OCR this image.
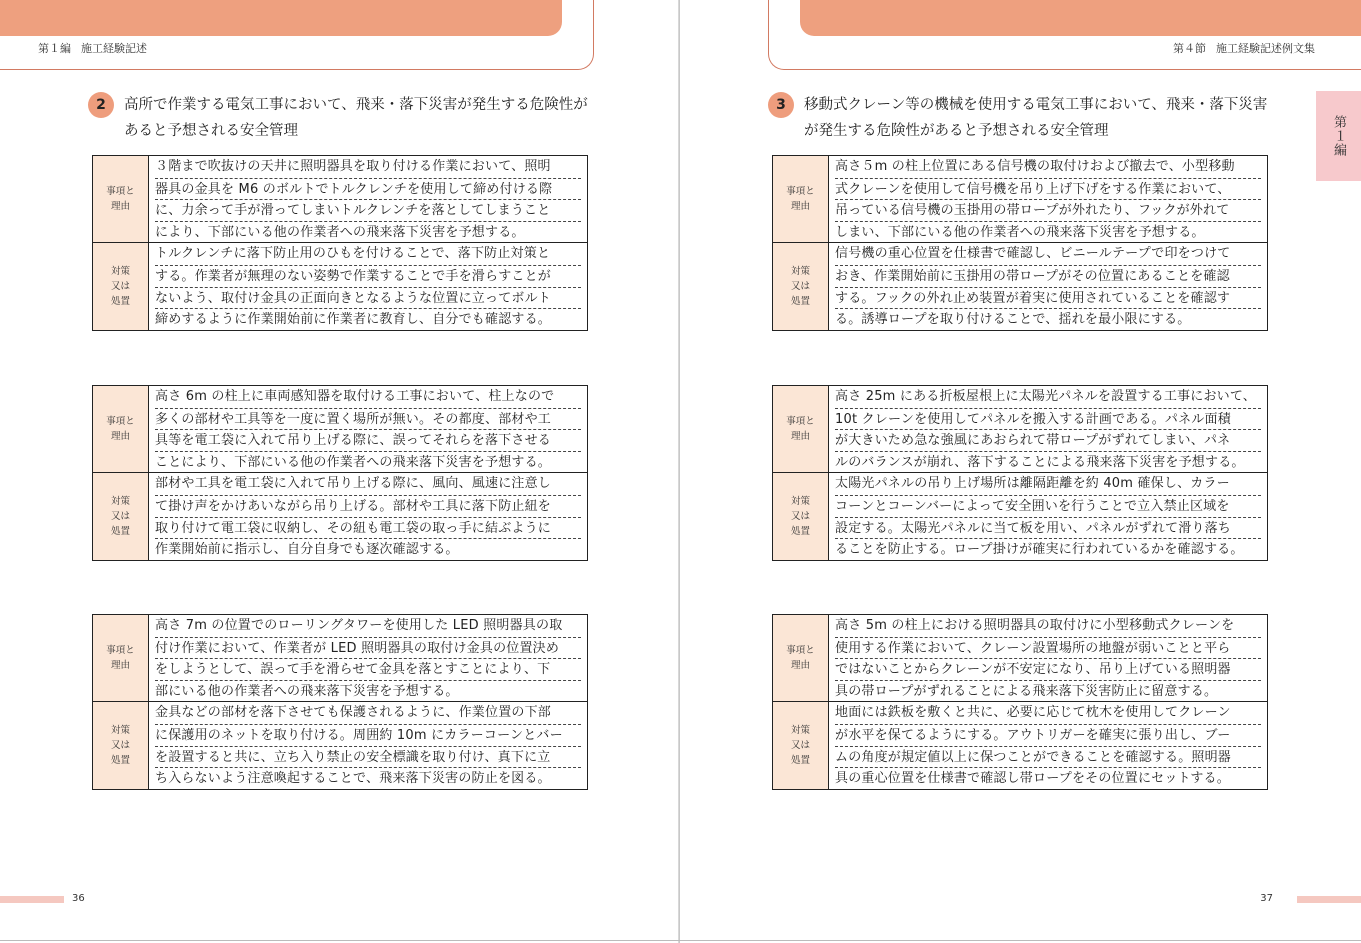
第１編 施工経験記述
2	高所で作業する電気工事において、飛来・落下災害が発生する危険性が
あると予想される安全管理
事項と
理由
３階まで吹抜けの天井に照明器具を取り付ける作業において、照明
器具の金具を M6 のボルトでトルクレンチを使用して締め付ける際
に、力余って手が滑ってしまいトルクレンチを落としてしまうこと
により、下部にいる他の作業者への飛来落下災害を予想する。
対策
又は
処置
トルクレンチに落下防止用のひもを付けることで、落下防止対策と
する。作業者が無理のない姿勢で作業することで手を滑らすことが
ないよう、取付け金具の正面向きとなるような位置に立ってボルト
締めするように作業開始前に作業者に教育し、自分でも確認する。
事項と
理由
高さ 6m の柱上に車両感知器を取付ける工事において、柱上なので
多くの部材や工具等を一度に置く場所が無い。その都度、部材や工
具等を電工袋に入れて吊り上げる際に、誤ってそれらを落下させる
ことにより、下部にいる他の作業者への飛来落下災害を予想する。
対策
又は
処置
部材や工具を電工袋に入れて吊り上げる際に、風向、風速に注意し
て掛け声をかけあいながら吊り上げる。部材や工具に落下防止紐を
取り付けて電工袋に収納し、その紐も電工袋の取っ手に結ぶように
作業開始前に指示し、自分自身でも逐次確認する。
事項と
理由
高さ 7m の位置でのローリングタワーを使用した LED 照明器具の取
付け作業において、作業者が LED 照明器具の取付け金具の位置決め
をしようとして、誤って手を滑らせて金具を落とすことにより、下
部にいる他の作業者への飛来落下災害を予想する。
対策
又は
処置
金具などの部材を落下させても保護されるように、作業位置の下部
に保護用のネットを取り付ける。周囲約 10m にカラーコーンとバー
を設置すると共に、立ち入り禁止の安全標識を取り付け、真下に立
ち入らないよう注意喚起することで、飛来落下災害の防止を図る。
36
第４節 施工経験記述例文集
第１編
3	移動式クレーン等の機械を使用する電気工事において、飛来・落下災害
が発生する危険性があると予想される安全管理
事項と
理由
高さ５m の柱上位置にある信号機の取付けおよび撤去で、小型移動
式クレーンを使用して信号機を吊り上げ下げをする作業において、
吊っている信号機の玉掛用の帯ロープが外れたり、フックが外れて
しまい、下部にいる他の作業者への飛来落下災害を予想する。
対策
又は
処置
信号機の重心位置を仕様書で確認し、ビニールテープで印をつけて
おき、作業開始前に玉掛用の帯ロープがその位置にあることを確認
する。フックの外れ止め装置が着実に使用されていることを確認す
る。誘導ロープを取り付けることで、揺れを最小限にする。
事項と
理由
高さ 25m にある折板屋根上に太陽光パネルを設置する工事において、
10t クレーンを使用してパネルを搬入する計画である。パネル面積
が大きいため急な強風にあおられて帯ロープがずれてしまい、パネ
ルのバランスが崩れ、落下することによる飛来落下災害を予想する。
対策
又は
処置
太陽光パネルの吊り上げ場所は離隔距離を約 40m 確保し、カラー
コーンとコーンバーによって安全囲いを行うことで立入禁止区域を
設定する。太陽光パネルに当て板を用い、パネルがずれて滑り落ち
ることを防止する。ロープ掛けが確実に行われているかを確認する。
事項と
理由
高さ 5m の柱上における照明器具の取付けに小型移動式クレーンを
使用する作業において、クレーン設置場所の地盤が弱いことと平ら
ではないことからクレーンが不安定になり、吊り上げている照明器
具の帯ロープがずれることによる飛来落下災害防止に留意する。
対策
又は
処置
地面には鉄板を敷くと共に、必要に応じて枕木を使用してクレーン
が水平を保てるようにする。アウトリガーを確実に張り出し、ブー
ムの角度が規定値以上に保つことができることを確認する。照明器
具の重心位置を仕様書で確認し帯ロープをその位置にセットする。
37
